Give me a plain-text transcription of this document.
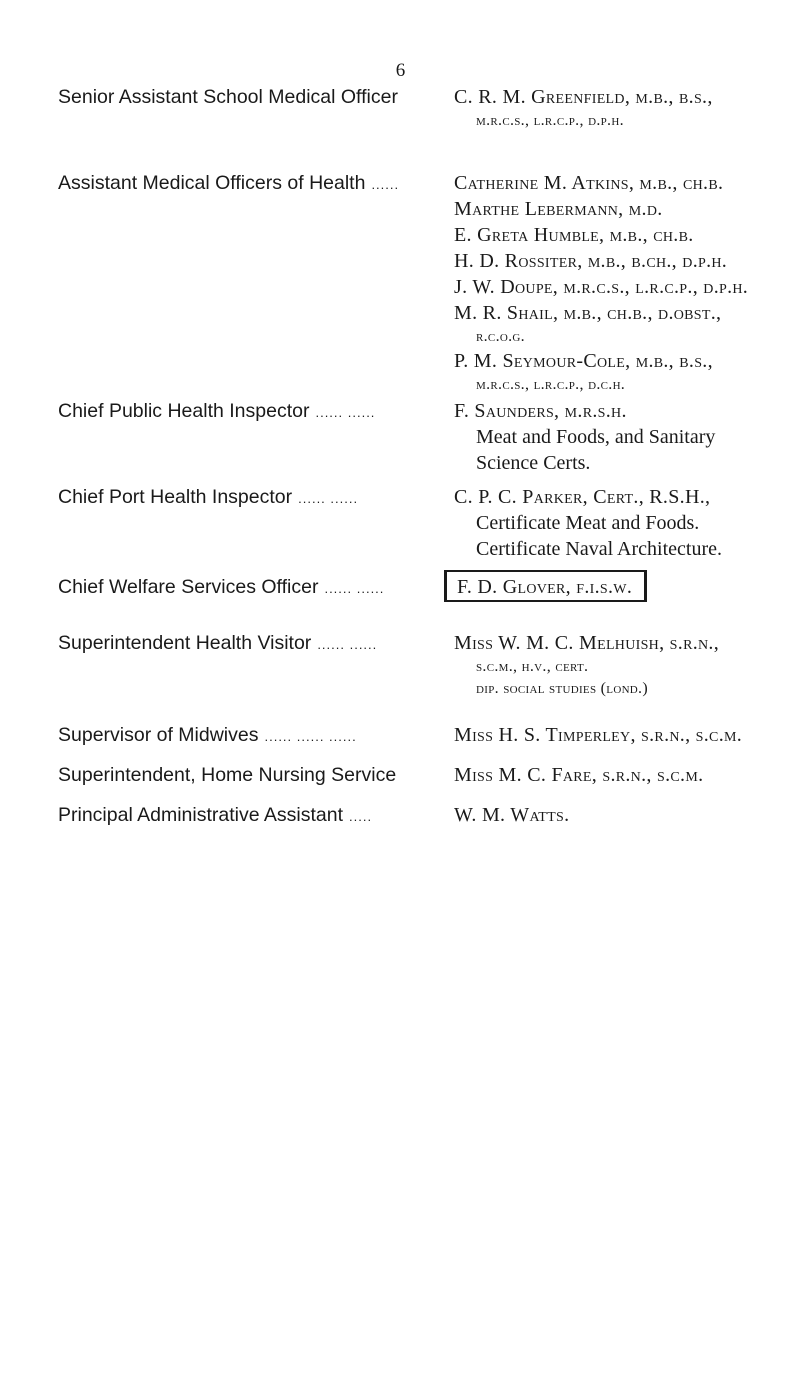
6
Senior Assistant School Medical Officer	C. R. M. Greenfield, m.b., b.s.,
m.r.c.s., l.r.c.p., d.p.h.
Assistant Medical Officers of Health ......	Catherine M. Atkins, m.b., ch.b.
Marthe Lebermann, m.d.
E. Greta Humble, m.b., ch.b.
H. D. Rossiter, m.b., b.ch., d.p.h.
J. W. Doupe, m.r.c.s., l.r.c.p., d.p.h.
M. R. Shail, m.b., ch.b., d.obst.,
r.c.o.g.
P. M. Seymour-Cole, m.b., b.s.,
m.r.c.s., l.r.c.p., d.c.h.
Chief Public Health Inspector ...... ......	F. Saunders, m.r.s.h.
Meat and Foods, and Sanitary
Science Certs.
Chief Port Health Inspector ...... ......	C. P. C. Parker, Cert., R.S.H.,
Certificate Meat and Foods.
Certificate Naval Architecture.
Chief Welfare Services Officer ...... ......	F. D. Glover, f.i.s.w.
Superintendent Health Visitor ...... ......	Miss W. M. C. Melhuish, s.r.n.,
s.c.m., h.v., cert.
dip. social studies (lond.)
Supervisor of Midwives ...... ...... ......	Miss H. S. Timperley, s.r.n., s.c.m.
Superintendent, Home Nursing Service	Miss M. C. Fare, s.r.n., s.c.m.
Principal Administrative Assistant .....	W. M. Watts.
